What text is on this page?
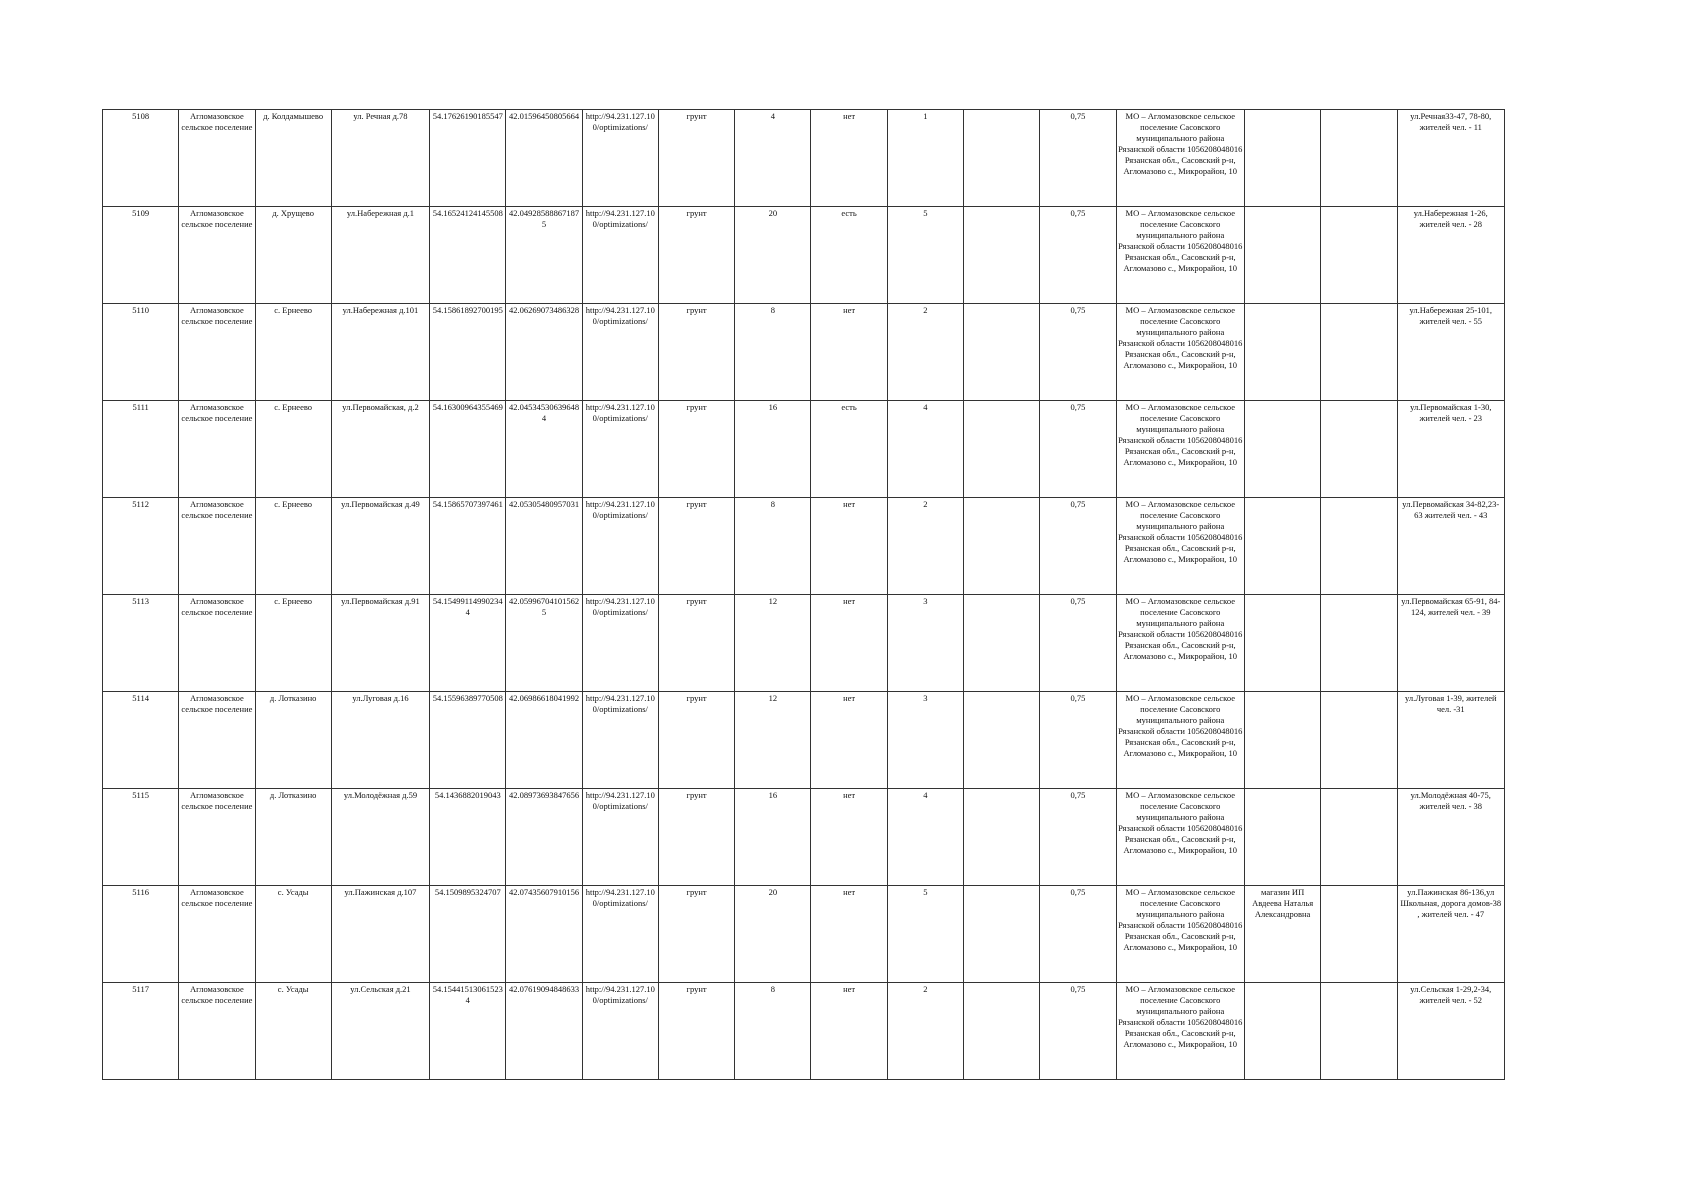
5108	Агломазовское сельское поселение	д. Колдамышево	ул. Речная д.78	54.17626190185547	42.01596450805664	http://94.231.127.100/optimizations/	грунт	4	нет	1		0,75	МО – Агломазовское сельское поселение Сасовского муниципального района Рязанской области 1056208048016 Рязанская обл., Сасовский р-н, Агломазово с., Микрорайон, 10			ул.Речная33-47, 78-80, жителей чел. - 11
5109	Агломазовское сельское поселение	д. Хрущево	ул.Набережная д.1	54.16524124145508	42.049285888671875	http://94.231.127.100/optimizations/	грунт	20	есть	5		0,75	МО – Агломазовское сельское поселение Сасовского муниципального района Рязанской области 1056208048016 Рязанская обл., Сасовский р-н, Агломазово с., Микрорайон, 10			ул.Набережная 1-26, жителей чел. - 28
5110	Агломазовское сельское поселение	с. Ернеево	ул.Набережная д.101	54.15861892700195	42.06269073486328	http://94.231.127.100/optimizations/	грунт	8	нет	2		0,75	МО – Агломазовское сельское поселение Сасовского муниципального района Рязанской области 1056208048016 Рязанская обл., Сасовский р-н, Агломазово с., Микрорайон, 10			ул.Набережная 25-101, жителей чел. - 55
5111	Агломазовское сельское поселение	с. Ернеево	ул.Первомайская, д.2	54.16300964355469	42.045345306396484	http://94.231.127.100/optimizations/	грунт	16	есть	4		0,75	МО – Агломазовское сельское поселение Сасовского муниципального района Рязанской области 1056208048016 Рязанская обл., Сасовский р-н, Агломазово с., Микрорайон, 10			ул.Первомайская 1-30, жителей чел. - 23
5112	Агломазовское сельское поселение	с. Ернеево	ул.Первомайская д.49	54.15865707397461	42.05305480957031	http://94.231.127.100/optimizations/	грунт	8	нет	2		0,75	МО – Агломазовское сельское поселение Сасовского муниципального района Рязанской области 1056208048016 Рязанская обл., Сасовский р-н, Агломазово с., Микрорайон, 10			ул.Первомайская 34-82,23-63 жителей чел. - 43
5113	Агломазовское сельское поселение	с. Ернеево	ул.Первомайская д.91	54.154991149902344	42.059967041015625	http://94.231.127.100/optimizations/	грунт	12	нет	3		0,75	МО – Агломазовское сельское поселение Сасовского муниципального района Рязанской области 1056208048016 Рязанская обл., Сасовский р-н, Агломазово с., Микрорайон, 10			ул.Первомайская 65-91, 84-124, жителей чел. - 39
5114	Агломазовское сельское поселение	д. Лотказино	ул.Луговая д.16	54.15596389770508	42.06986618041992	http://94.231.127.100/optimizations/	грунт	12	нет	3		0,75	МО – Агломазовское сельское поселение Сасовского муниципального района Рязанской области 1056208048016 Рязанская обл., Сасовский р-н, Агломазово с., Микрорайон, 10			ул.Луговая 1-39, жителей чел. -31
5115	Агломазовское сельское поселение	д. Лотказино	ул.Молодёжная д.59	54.1436882019043	42.08973693847656	http://94.231.127.100/optimizations/	грунт	16	нет	4		0,75	МО – Агломазовское сельское поселение Сасовского муниципального района Рязанской области 1056208048016 Рязанская обл., Сасовский р-н, Агломазово с., Микрорайон, 10			ул.Молодёжная 40-75, жителей чел. - 38
5116	Агломазовское сельское поселение	с. Усады	ул.Пажинская д.107	54.1509895324707	42.07435607910156	http://94.231.127.100/optimizations/	грунт	20	нет	5		0,75	МО – Агломазовское сельское поселение Сасовского муниципального района Рязанской области 1056208048016 Рязанская обл., Сасовский р-н, Агломазово с., Микрорайон, 10	магазин ИП Авдеева Наталья Александровна		ул.Пажинская 86-136,ул Школьная, дорога домов-38 , жителей чел. - 47
5117	Агломазовское сельское поселение	с. Усады	ул.Сельская д.21	54.154415130615234	42.07619094848633	http://94.231.127.100/optimizations/	грунт	8	нет	2		0,75	МО – Агломазовское сельское поселение Сасовского муниципального района Рязанской области 1056208048016 Рязанская обл., Сасовский р-н, Агломазово с., Микрорайон, 10			ул.Сельская 1-29,2-34, жителей чел. - 52
